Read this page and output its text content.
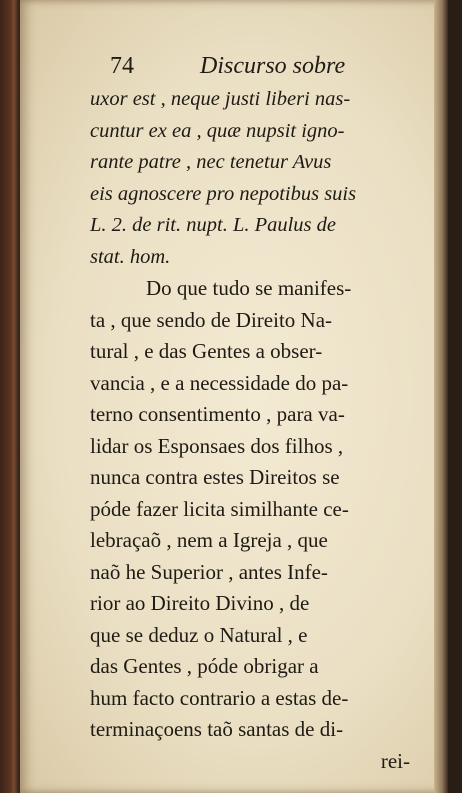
74	Discurso sobre
uxor est , neque justi liberi nas-
cuntur ex ea , quæ nupsit igno-
rante patre , nec tenetur Avus
eis agnoscere pro nepotibus suis
L. 2. de rit. nupt. L. Paulus de
stat. hom.
Do que tudo se manifes-
ta , que sendo de Direito Na-
tural , e das Gentes a obser-
vancia , e a necessidade do pa-
terno consentimento , para va-
lidar os Esponsaes dos filhos ,
nunca contra estes Direitos se
póde fazer licita similhante ce-
lebraçaõ , nem a Igreja , que
naõ he Superior , antes Infe-
rior ao Direito Divino , de
que se deduz o Natural , e
das Gentes , póde obrigar a
hum facto contrario a estas de-
terminaçoens taõ santas de di-
rei-
